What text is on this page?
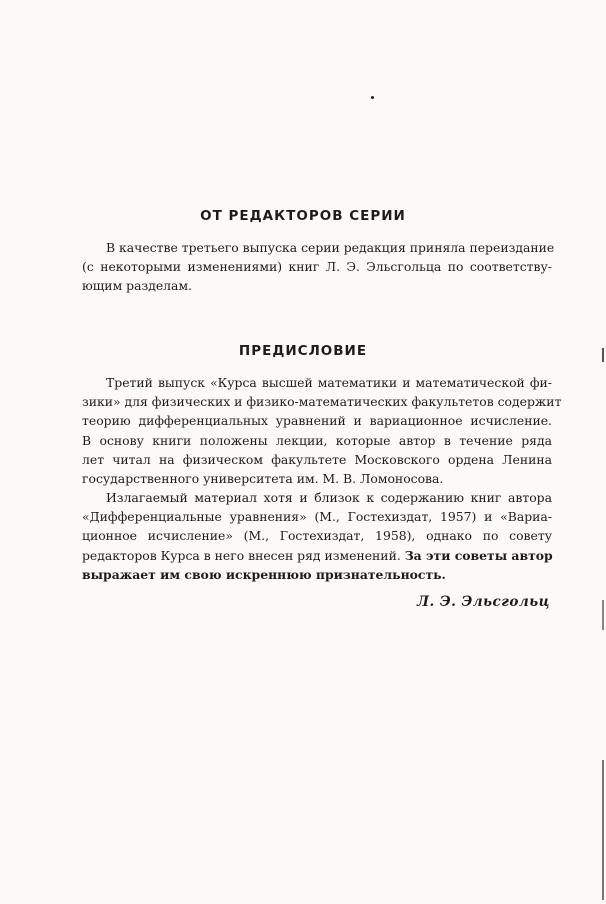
ОТ РЕДАКТОРОВ СЕРИИ
В качестве третьего выпуска серии редакция приняла переиздание
(с некоторыми изменениями) книг Л. Э. Эльсгольца по соответству-
ющим разделам.
ПРЕДИСЛОВИЕ
Третий выпуск «Курса высшей математики и математической фи-
зики» для физических и физико-математических факультетов содержит
теорию дифференциальных уравнений и вариационное исчисление.
В основу книги положены лекции, которые автор в течение ряда
лет читал на физическом факультете Московского ордена Ленина
государственного университета им. М. В. Ломоносова.
Излагаемый материал хотя и близок к содержанию книг автора
«Дифференциальные уравнения» (М., Гостехиздат, 1957) и «Вариа-
ционное исчисление» (М., Гостехиздат, 1958), однако по совету
редакторов Курса в него внесен ряд изменений. За эти советы автор
выражает им свою искреннюю признательность.

Л. Э. Эльсгольц
